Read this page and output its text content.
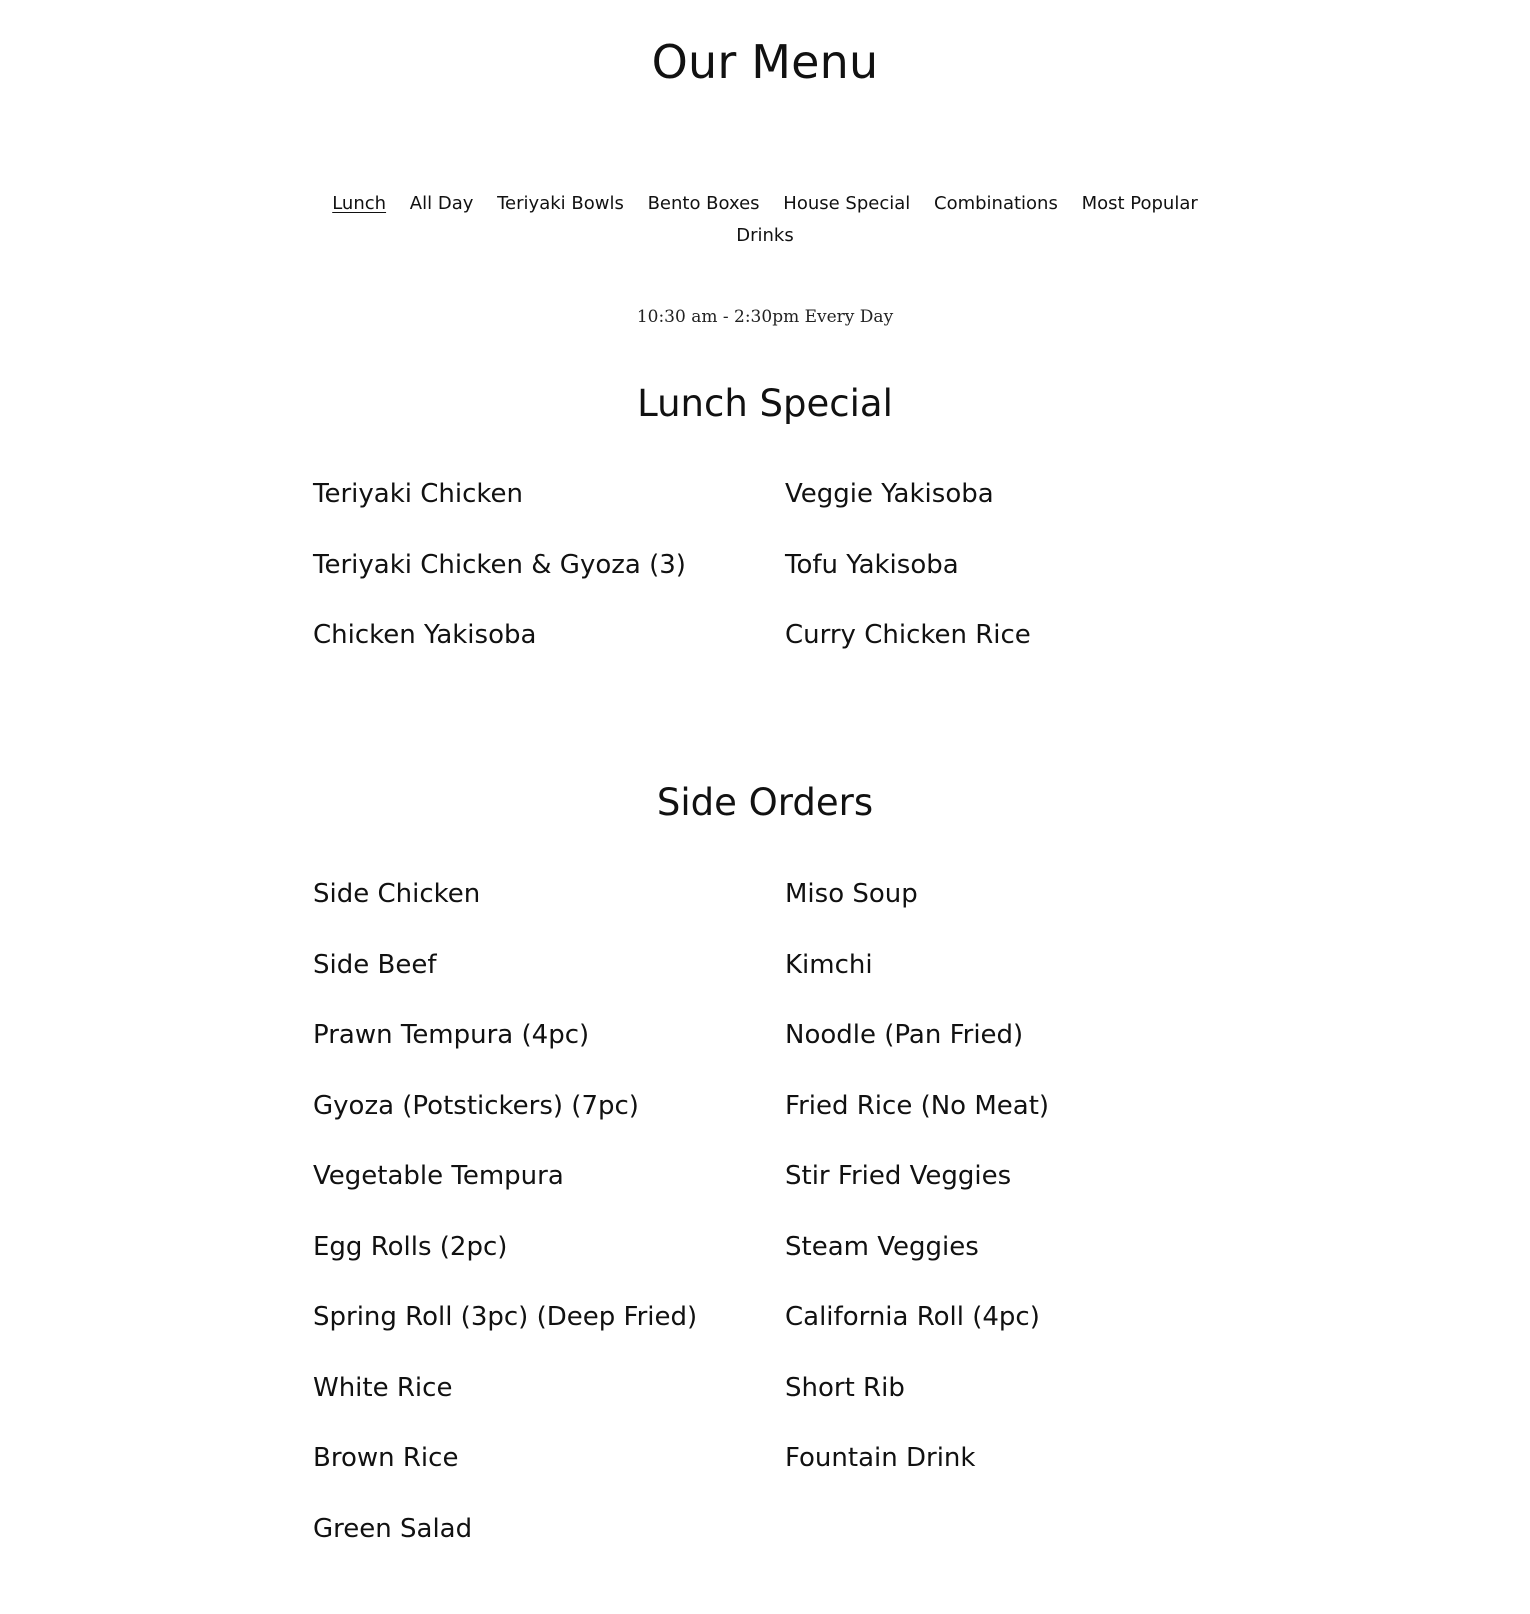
Our Menu
Lunch All Day Teriyaki Bowls Bento Boxes House Special Combinations Most Popular
Drinks
10:30 am - 2:30pm Every Day
Lunch Special
Teriyaki Chicken	Veggie Yakisoba
Teriyaki Chicken & Gyoza (3)	Tofu Yakisoba
Chicken Yakisoba	Curry Chicken Rice
Side Orders
Side Chicken	Miso Soup
Side Beef	Kimchi
Prawn Tempura (4pc)	Noodle (Pan Fried)
Gyoza (Potstickers) (7pc)	Fried Rice (No Meat)
Vegetable Tempura	Stir Fried Veggies
Egg Rolls (2pc)	Steam Veggies
Spring Roll (3pc) (Deep Fried)	California Roll (4pc)
White Rice	Short Rib
Brown Rice	Fountain Drink
Green Salad
